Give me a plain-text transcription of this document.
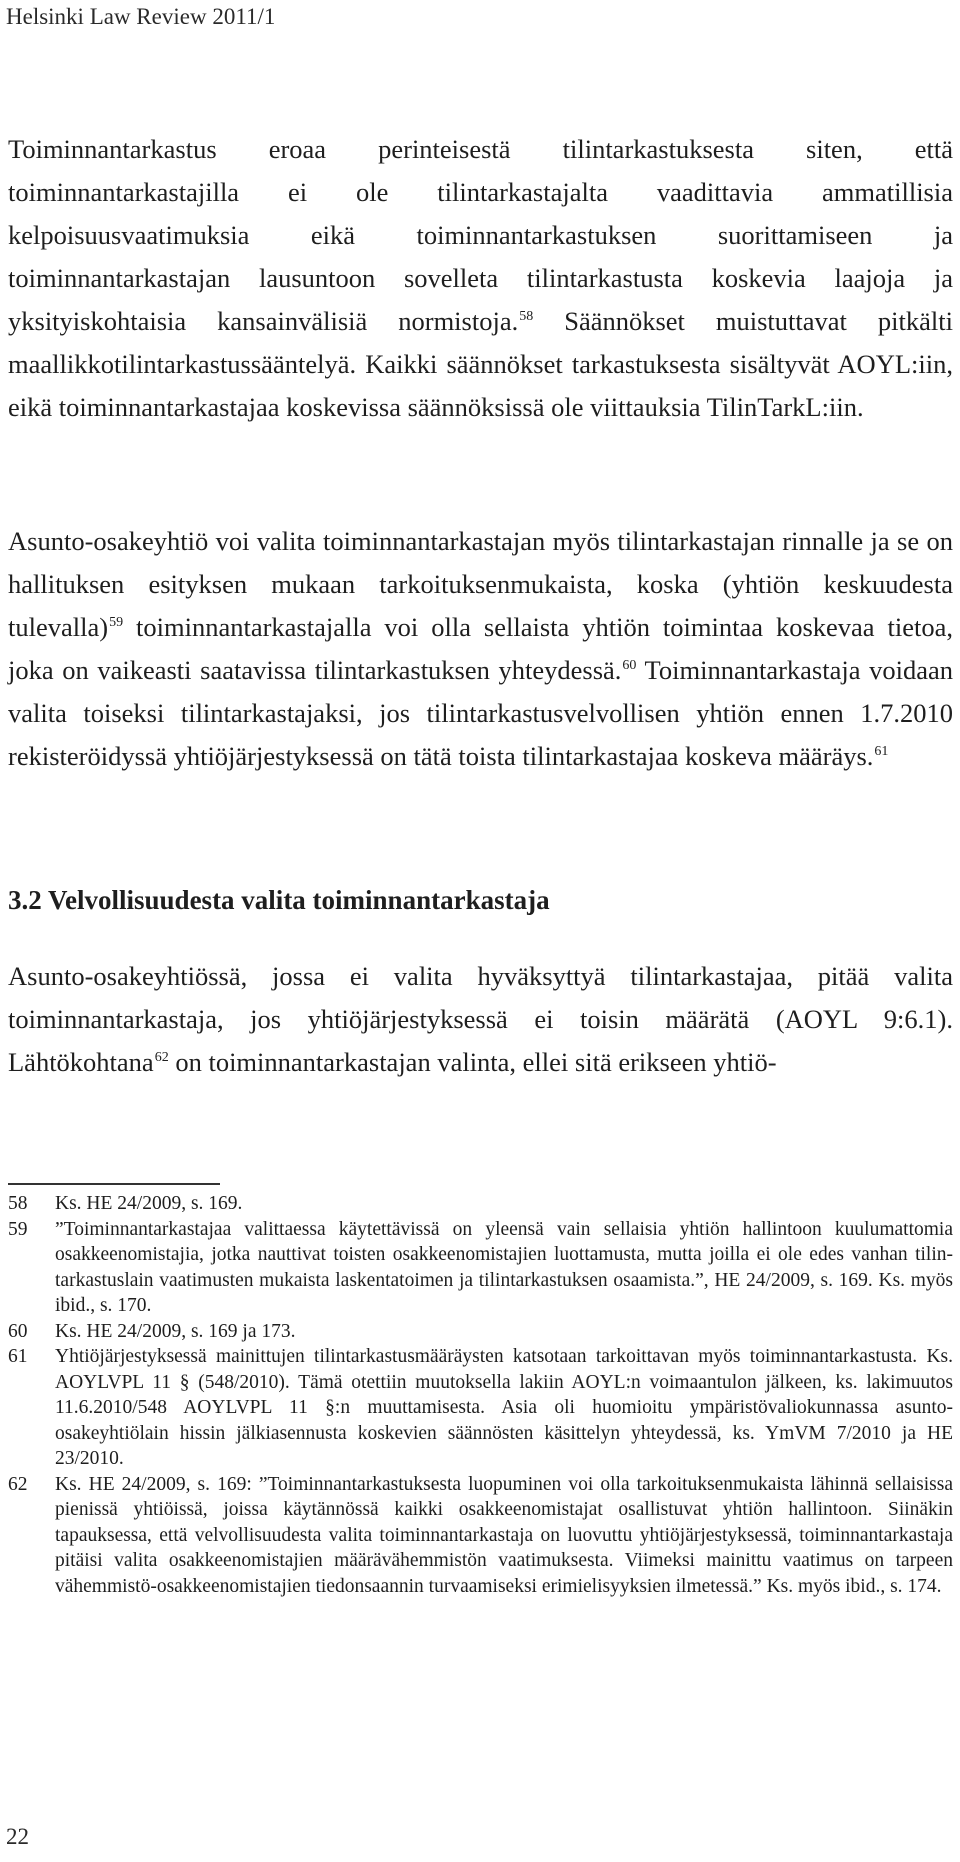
Helsinki Law Review 2011/1

Toiminnantarkastus eroaa perinteisestä tilintarkastuksesta siten, että toiminnantarkastajilla ei ole tilintarkastajalta vaadittavia ammatillisia kelpoisuusvaatimuksia eikä toiminnantarkastuksen suorittamiseen ja toiminnantarkastajan lausuntoon sovelleta tilintarkastusta koskevia laajoja ja yksityiskohtaisia kansainvälisiä normistoja.$^{58}$ Säännökset muistuttavat pitkälti maallikkotilintarkastussääntelyä. Kaikki säännökset tarkastuksesta sisältyvät AOYL:iin, eikä toiminnantarkastajaa koskevissa säännöksissä ole viittauksia TilinTarkL:iin.

Asunto-osakeyhtiö voi valita toiminnantarkastajan myös tilintarkastajan rinnalle ja se on hallituksen esityksen mukaan tarkoituksenmukaista, koska (yhtiön keskuudesta tulevalla)$^{59}$ toiminnantarkastajalla voi olla sellaista yhtiön toimintaa koskevaa tietoa, joka on vaikeasti saatavissa tilintarkastuksen yhteydessä.$^{60}$ Toiminnantarkastaja voidaan valita toiseksi tilintarkastajaksi, jos tilintarkastusvelvollisen yhtiön ennen 1.7.2010 rekisteröidyssä yhtiöjärjestyksessä on tätä toista tilintarkastajaa koskeva määräys.$^{61}$

3.2 Velvollisuudesta valita toiminnantarkastaja

Asunto-osakeyhtiössä, jossa ei valita hyväksyttyä tilintarkastajaa, pitää valita toiminnantarkastaja, jos yhtiöjärjestyksessä ei toisin määrätä (AOYL 9:6.1). Lähtökohtana$^{62}$ on toiminnantarkastajan valinta, ellei sitä erikseen yhtiö-

58	Ks. HE 24/2009, s. 169.
59	”Toiminnantarkastajaa valittaessa käytettävissä on yleensä vain sellaisia yhtiön hallintoon kuulumattomia osakkeenomistajia, jotka nauttivat toisten osakkeenomistajien luottamusta, mutta joilla ei ole edes vanhan tilin-tarkastuslain vaatimusten mukaista laskentatoimen ja tilintarkastuksen osaamista.”, HE 24/2009, s. 169. Ks. myös ibid., s. 170.
60	Ks. HE 24/2009, s. 169 ja 173.
61	Yhtiöjärjestyksessä mainittujen tilintarkastusmääräysten katsotaan tarkoittavan myös toiminnantarkastusta. Ks. AOYLVPL 11 § (548/2010). Tämä otettiin muutoksella lakiin AOYL:n voimaantulon jälkeen, ks. lakimuutos 11.6.2010/548 AOYLVPL 11 §:n muuttamisesta. Asia oli huomioitu ympäristövaliokunnassa asunto-osakeyhtiölain hissin jälkiasennusta koskevien säännösten käsittelyn yhteydessä, ks. YmVM 7/2010 ja HE 23/2010.
62	Ks. HE 24/2009, s. 169: ”Toiminnantarkastuksesta luopuminen voi olla tarkoituksenmukaista lähinnä sellaisissa pienissä yhtiöissä, joissa käytännössä kaikki osakkeenomistajat osallistuvat yhtiön hallintoon. Siinäkin tapauksessa, että velvollisuudesta valita toiminnantarkastaja on luovuttu yhtiöjärjestyksessä, toiminnantarkastaja pitäisi valita osakkeenomistajien määrävähemmistön vaatimuksesta. Viimeksi mainittu vaatimus on tarpeen vähemmistö-osakkeenomistajien tiedonsaannin turvaamiseksi erimielisyyksien ilmetessä.” Ks. myös ibid., s. 174.
22
